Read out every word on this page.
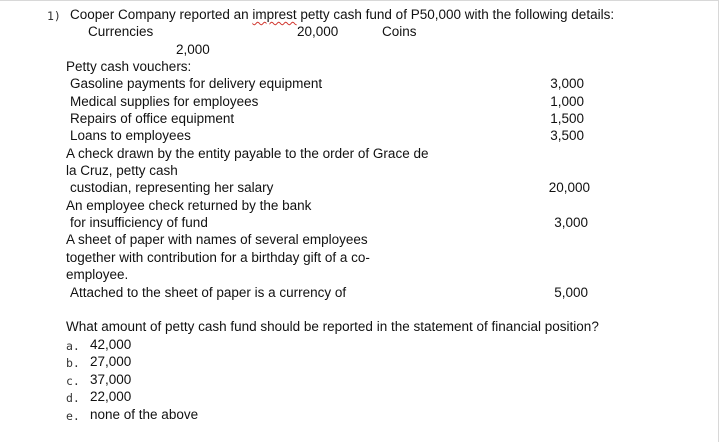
1) Cooper Company reported an imprest petty cash fund of P50,000 with the following details:
Currencies	20,000	Coins
2,000
Petty cash vouchers:
Gasoline payments for delivery equipment	3,000
Medical supplies for employees	1,000
Repairs of office equipment	1,500
Loans to employees	3,500
A check drawn by the entity payable to the order of Grace de
la Cruz, petty cash
custodian, representing her salary	20,000
An employee check returned by the bank
for insufficiency of fund	3,000
A sheet of paper with names of several employees
together with contribution for a birthday gift of a co-
employee.
Attached to the sheet of paper is a currency of	5,000
What amount of petty cash fund should be reported in the statement of financial position?
a. 42,000
b. 27,000
c. 37,000
d. 22,000
e. none of the above
